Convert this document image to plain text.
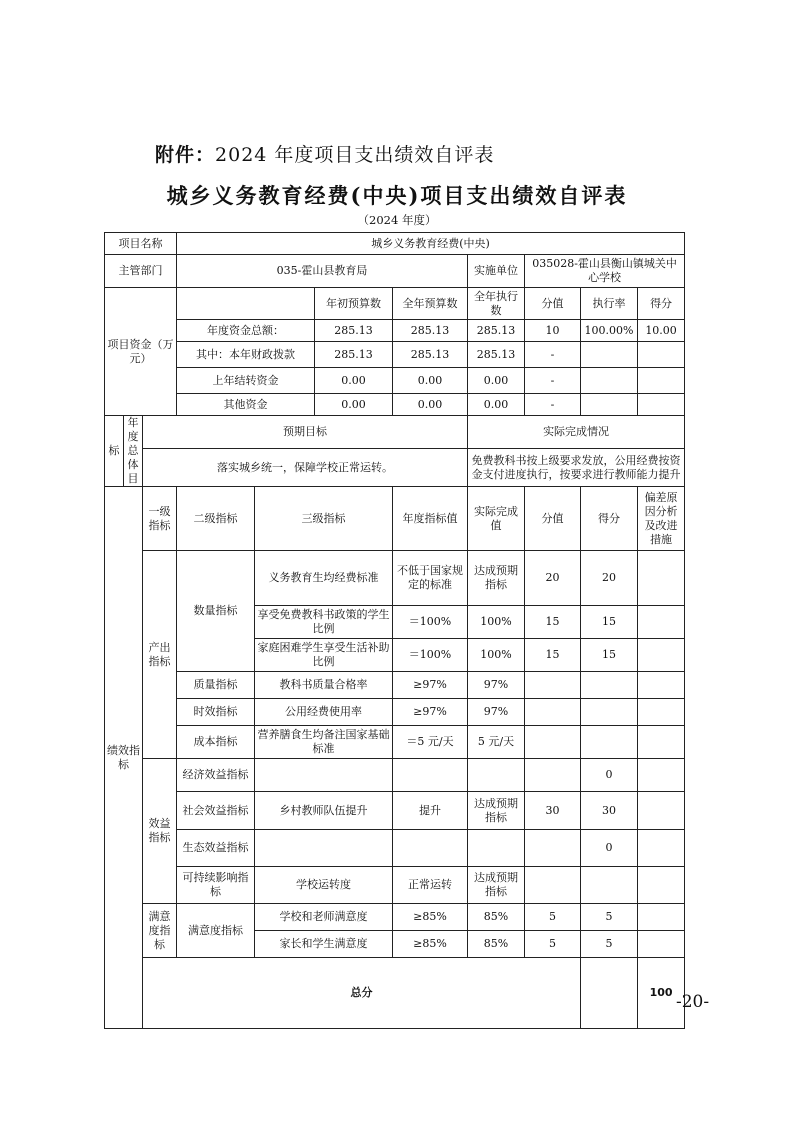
附件：2024 年度项目支出绩效自评表
城乡义务教育经费(中央)项目支出绩效自评表
（2024 年度）
项目名称			城乡义务教育经费(中央)								
主管部门			035-霍山县教育局				实施单位	035028-霍山县衡山镇城关中心学校			
项目资金（万元）					年初预算数	全年预算数	全年执行数	分值	执行率	得分	
			年度资金总额：		285.13	285.13	285.13	10	100.00%	10.00	
			其中：本年财政拨款		285.13	285.13	285.13	-			
			上年结转资金		0.00	0.00	0.00	-			
			其他资金		0.00	0.00	0.00	-			
标	年度总体目	预期目标					实际完成情况				
		落实城乡统一，保障学校正常运转。					免费教科书按上级要求发放，公用经费按资金支付进度执行，按要求进行教师能力提升				

绩效指标		一级指标	二级指标	三级指标		年度指标值	实际完成值	分值	得分	偏差原因分析及改进措施	
		产出指标	数量指标	义务教育生均经费标准		不低于国家规定的标准	达成预期指标	20	20		
				享受免费教科书政策的学生比例		＝100%	100%	15	15		
				家庭困难学生享受生活补助比例		＝100%	100%	15	15		
			质量指标	教科书质量合格率		≥97%	97%				
			时效指标	公用经费使用率		≥97%	97%				
			成本指标	营养膳食生均备注国家基础标准		＝5 元/天	5 元/天				
		效益指标	经济效益指标						0		
			社会效益指标	乡村教师队伍提升		提升	达成预期指标	30	30		
			生态效益指标						0		
			可持续影响指标	学校运转度		正常运转	达成预期指标				
		满意度指标	满意度指标	学校和老师满意度		≥85%	85%	5	5		
				家长和学生满意度		≥85%	85%	5	5		
		总分								100		-20-
